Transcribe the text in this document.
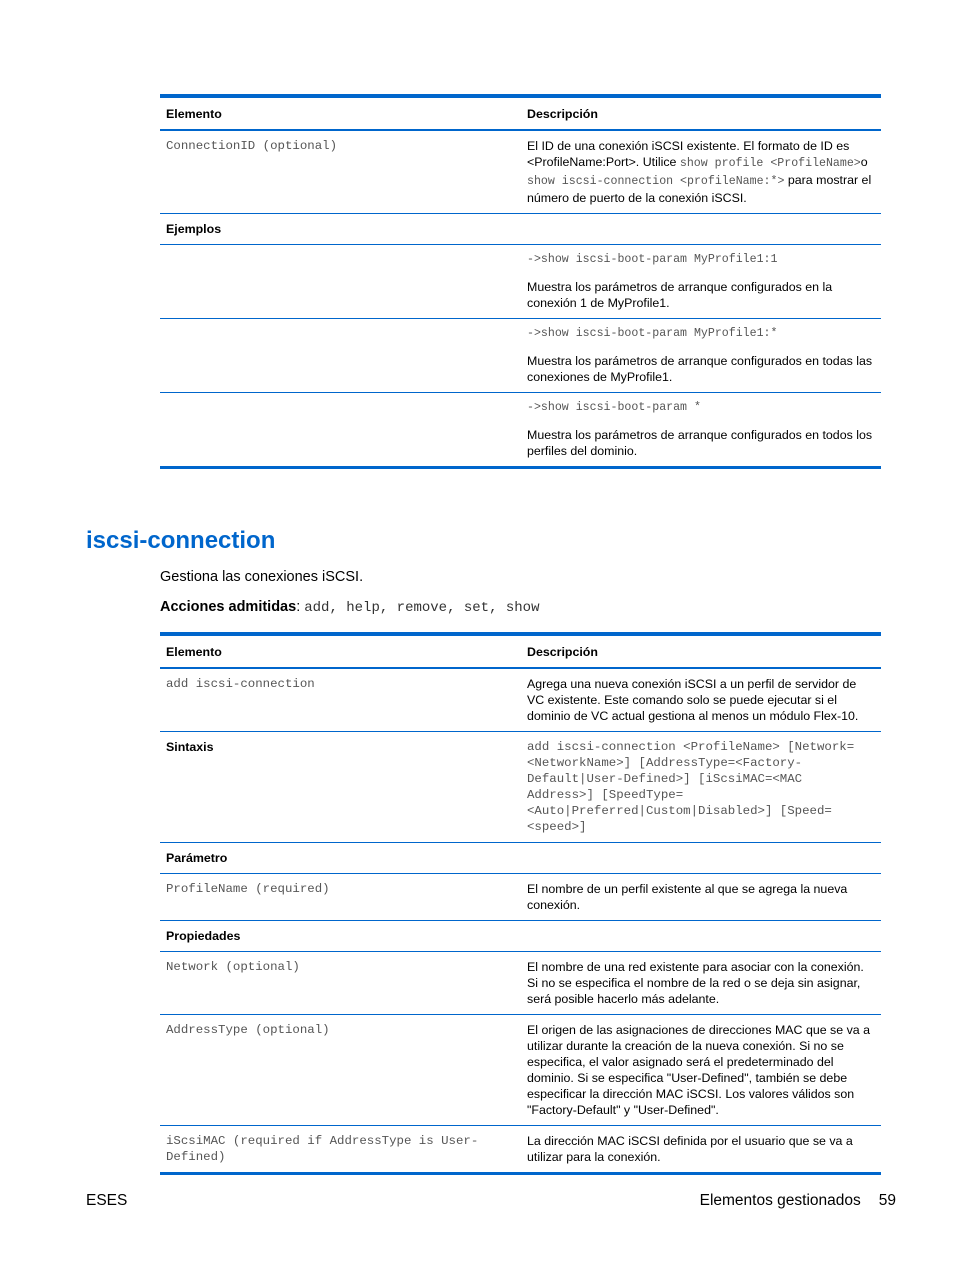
Elemento	Descripción
ConnectionID (optional)	El ID de una conexión iSCSI existente. El formato de ID es <ProfileName:Port>. Utilice show profile <ProfileName>o show iscsi-connection <profileName:*> para mostrar el número de puerto de la conexión iSCSI.
Ejemplos	

	->show iscsi-boot-param MyProfile1:1
Muestra los parámetros de arranque configurados en la conexión 1 de MyProfile1.

	->show iscsi-boot-param MyProfile1:*
Muestra los parámetros de arranque configurados en todas las conexiones de MyProfile1.

	->show iscsi-boot-param *
Muestra los parámetros de arranque configurados en todos los perfiles del dominio.
iscsi-connection
Gestiona las conexiones iSCSI.
Acciones admitidas: add, help, remove, set, show
Elemento	Descripción
add iscsi-connection	Agrega una nueva conexión iSCSI a un perfil de servidor de VC existente. Este comando solo se puede ejecutar si el dominio de VC actual gestiona al menos un módulo Flex-10.
Sintaxis	add iscsi-connection <ProfileName> [Network=<NetworkName>] [AddressType=<Factory-Default|User-Defined>] [iScsiMAC=<MAC Address>] [SpeedType=<Auto|Preferred|Custom|Disabled>] [Speed=<speed>]
Parámetro	
ProfileName (required)	El nombre de un perfil existente al que se agrega la nueva conexión.
Propiedades	
Network (optional)	El nombre de una red existente para asociar con la conexión. Si no se especifica el nombre de la red o se deja sin asignar, será posible hacerlo más adelante.
AddressType (optional)	El origen de las asignaciones de direcciones MAC que se va a utilizar durante la creación de la nueva conexión. Si no se especifica, el valor asignado será el predeterminado del dominio. Si se especifica "User-Defined", también se debe especificar la dirección MAC iSCSI. Los valores válidos son "Factory-Default" y "User-Defined".
iScsiMAC (required if AddressType is User-Defined)	La dirección MAC iSCSI definida por el usuario que se va a utilizar para la conexión.
ESES	Elementos gestionados 59
